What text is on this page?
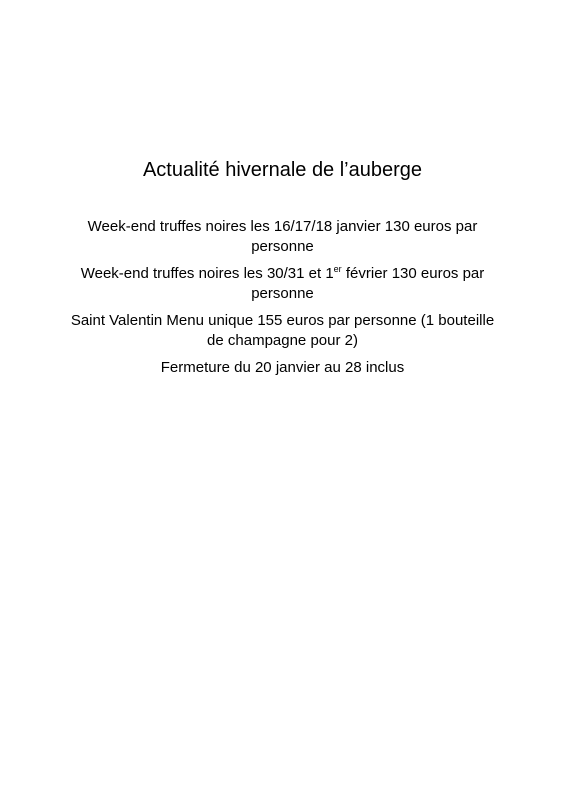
Actualité hivernale de l’auberge
Week-end truffes noires les 16/17/18 janvier 130 euros par personne
Week-end truffes noires les 30/31 et 1er février 130 euros par personne
Saint Valentin Menu unique 155 euros par personne (1 bouteille de champagne pour 2)
Fermeture du 20 janvier au 28 inclus
